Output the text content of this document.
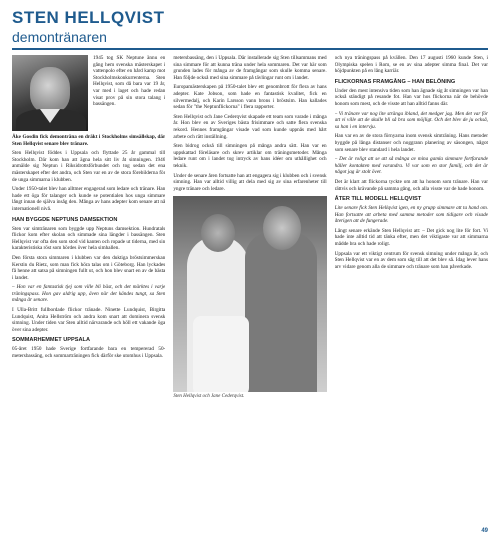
STEN HELLQVIST
demontränaren
1945 tog SK Neptune ännu en gång hem svenska mästerskapet i vattenpolo efter en hård kamp mot Stockholmskonkurrenterna. Sten Hellqvist, som då bara var 19 år, var med i laget och hade redan visat prov på sin stora talang i bassängen.

Åke Gosdin fick demonträna en dräkt i Stockholms simsällskap, där Sten Hellqvist senare blev tränare.

Sten Hellqvist föddes i Uppsala och flyttade 25 år gammal till Stockholm. Där kom han att ägna hela sitt liv åt simningen. 1946 anmälde sig Neptun i Riksidrottsförbundet och tog sedan det ena mästerskapet efter det andra, och Sten var en av de stora förebilderna för de unga simmarna i klubben.

Under 1950-talet blev han alltmer engagerad som ledare och tränare. Han hade ett öga för talanger och kunde se potentialen hos unga simmare långt innan de själva insåg den. Många av hans adepter kom senare att nå internationell nivå.

HAN BYGGDE NEPTUNS DAMSEKTION

Sten var simtränaren som byggde upp Neptuns damsektion. Hundratals flickor kom efter skolan och simmade sina längder i bassängen. Sten Hellqvist var ofta den som stod vid kanten och ropade ut tiderna, med sin karakteristiska röst som hördes över hela simhallen.

Den första stora simmaren i klubben var den duktiga bröstsimmerskan Kerstin du Rietz, som man fick höra talas om i Göteborg. Han lyckades få henne att satsa på simningen fullt ut, och hon blev snart en av de bästa i landet.

– Hon var en fantastisk tjej som ville bli bäst, och det märktes i varje träningspass. Hon gav aldrig upp, även när det kändes tungt, sa Sten många år senare.

I Ulla-Britt fullbordade flickor tränade. Ninette Lundquist, Birgitta Lundquist, Anita Hellström och andra kom snart att dominera svensk simning. Under tiden var Sten alltid närvarande och höll ett vakande öga över sina adepter.

SOMMARHEMMET UPPSALA

05-året 1950 hade Sverige fortfarande bara en tempererad 50-metersbassäng, och sommarträningen fick därför ske utomhus i Uppsala.

metersbassäng, den i Uppsala. Där installerade sig Sten tillsammans med sina simmare för att kunna träna under hela sommaren. Det var här som grunden lades för många av de framgångar som skulle komma senare. Han följde också med sina simmare på tävlingar runt om i landet.

Europamästerskapen på 1950-talet blev ett genombrott för flera av hans adepter. Kate Jobson, som hade en fantastisk kvalitet, fick en silvermedalj, och Karin Larsson vann brons i bröstsim. Han kallades sedan för "the Neptunflickorna" i flera rapporter.

Sten Hellqvist och Jane Cederqvist skapade ett team som varade i många år. Hon blev en av Sveriges bästa frisimmare och satte flera svenska rekord. Hennes framgångar visade vad som kunde uppnås med hårt arbete och rätt inställning.

Sten bidrog också till simningen på många andra sätt. Han var en uppskattad föreläsare och skrev artiklar om träningsmetoder. Många ledare runt om i landet tog intryck av hans idéer om uthållighet och teknik.

Under de senare åren fortsatte han att engagera sig i klubben och i svensk simning. Han var alltid villig att dela med sig av sina erfarenheter till yngre tränare och ledare.

Sten Hellqvist och Jane Cederqvist.

och nya träningspass på kvällen. Den 17 augusti 1960 kunde Sten, i Olympiska spelen i Rom, se en av sina adepter simma final. Det var höjdpunkten på en lång karriär.

FLICKORNAS FRAMGÅNG – HAN BELÖNING

Under den mest intensiva tiden som han ägnade sig åt simningen var han också ständigt på resande fot. Han var hos flickorna när de behövde honom som mest, och de visste att han alltid fanns där.

– Vi tränare var nog lite stränga ibland, det medger jag. Men det var för att vi ville att de skulle bli så bra som möjligt. Och det blev de ju också, sa han i en intervju.

Han var en av de stora förnyarna inom svensk simträning. Hans metoder byggde på långa distanser och noggrann planering av säsongen, något som senare blev standard i hela landet.

– Det är roligt att se att så många av mina gamla simmare fortfarande håller kontakten med varandra. Vi var som en stor familj, och det är något jag är stolt över.

Det är klart att flickorna tyckte om att ha honom som tränare. Han var rättvis och krävande på samma gång, och alla visste var de hade honom.

ÅTER TILL MODELL HELLQVIST

Lite senare fick Sten Hellqvist igen, en ny grupp simmare att ta hand om. Han fortsatte att arbeta med samma metoder som tidigare och visade återigen att de fungerade.

Långt senare erkände Sten Hellqvist att: – Det gick nog lite för fort. Vi hade inte alltid tid att tänka efter, men det viktigaste var att simmarna mådde bra och hade roligt.

Uppsala var ett viktigt centrum för svensk simning under många år, och Sten Hellqvist var en av dem som såg till att det blev så. Idag lever hans arv vidare genom alla de simmare och tränare som han påverkade.

49
